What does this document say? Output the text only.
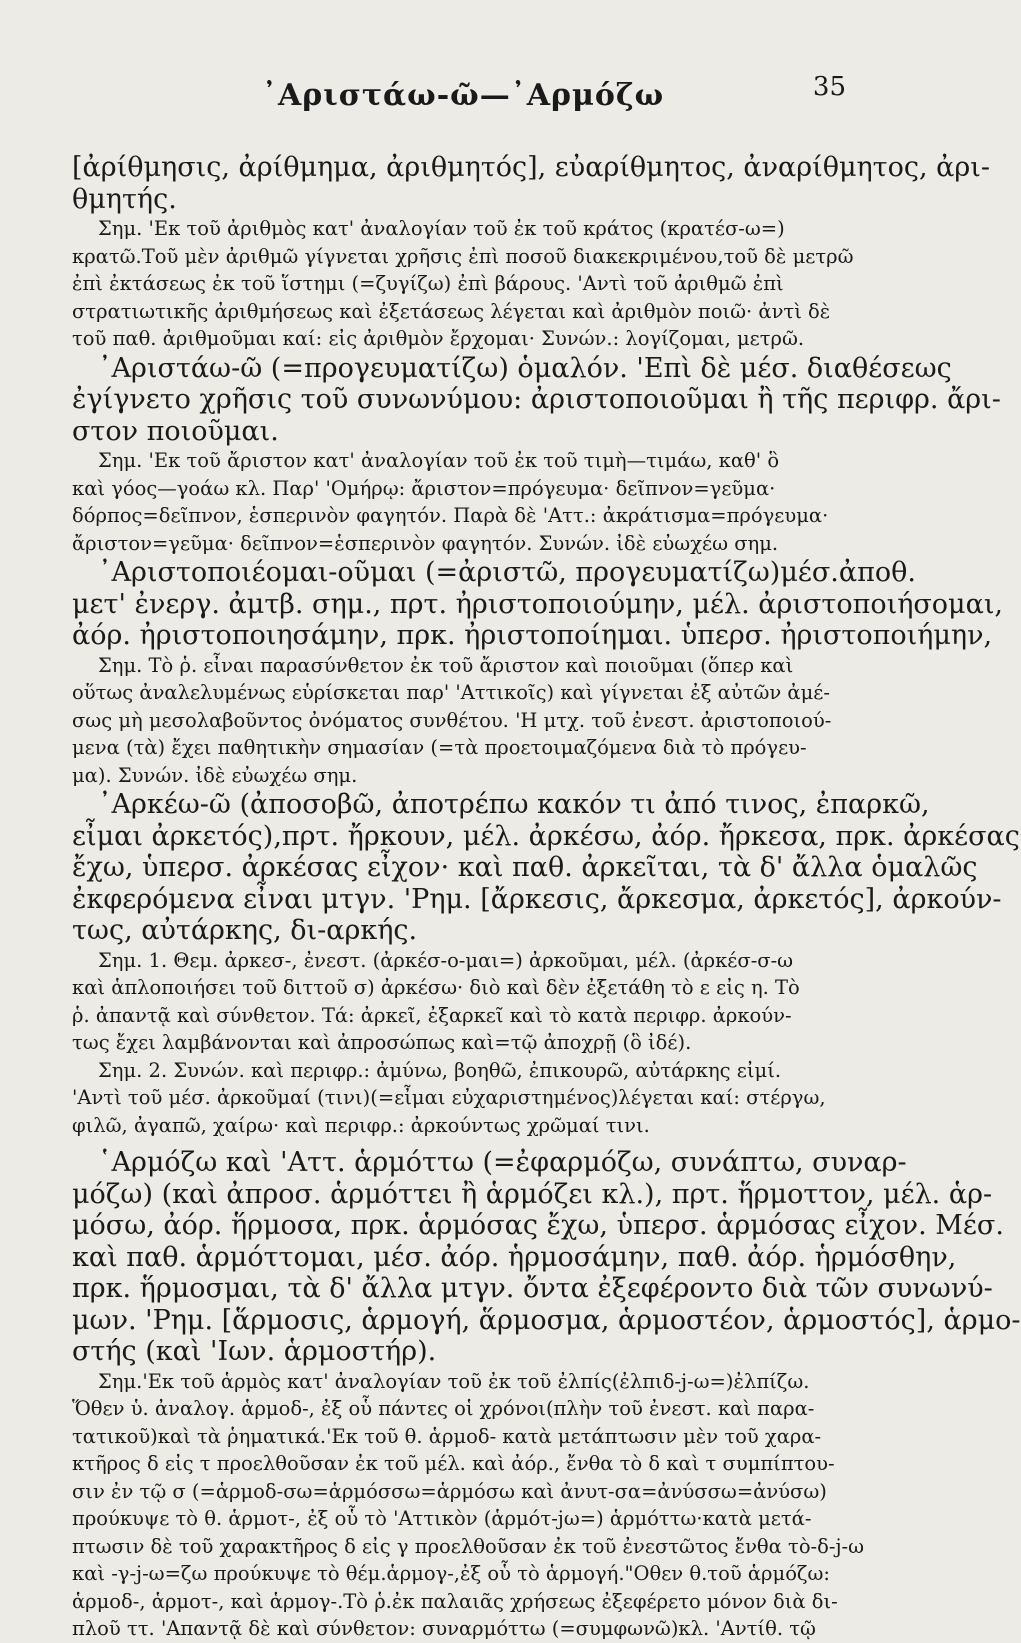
᾿Αριστάω-ῶ—᾿Αρμόζω	35
[ἀρίθμησις, ἀρίθμημα, ἀριθμητός], εὐαρίθμητος, ἀναρίθμητος, ἀρι-
θμητής.
Σημ. 'Εκ τοῦ ἀριθμὸς κατ' ἀναλογίαν τοῦ ἐκ τοῦ κράτος (κρατέσ-ω=)
κρατῶ.Τοῦ μὲν ἀριθμῶ γίγνεται χρῆσις ἐπὶ ποσοῦ διακεκριμένου,τοῦ δὲ μετρῶ
ἐπὶ ἐκτάσεως ἐκ τοῦ ἵστημι (=ζυγίζω) ἐπὶ βάρους. 'Αντὶ τοῦ ἀριθμῶ ἐπὶ
στρατιωτικῆς ἀριθμήσεως καὶ ἐξετάσεως λέγεται καὶ ἀριθμὸν ποιῶ· ἀντὶ δὲ
τοῦ παθ. ἀριθμοῦμαι καί: εἰς ἀριθμὸν ἔρχομαι· Συνών.: λογίζομαι, μετρῶ.
᾿Αριστάω-ῶ (=προγευματίζω) ὁμαλόν. 'Επὶ δὲ μέσ. διαθέσεως
ἐγίγνετο χρῆσις τοῦ συνωνύμου: ἀριστοποιοῦμαι ἢ τῆς περιφρ. ἄρι-
στον ποιοῦμαι.
Σημ. 'Εκ τοῦ ἄριστον κατ' ἀναλογίαν τοῦ ἐκ τοῦ τιμὴ—τιμάω, καθ' ὃ
καὶ γόος—γοάω κλ. Παρ' 'Ομήρῳ: ἄριστον=πρόγευμα· δεῖπνον=γεῦμα·
δόρπος=δεῖπνον, ἑσπερινὸν φαγητόν. Παρὰ δὲ 'Αττ.: ἀκράτισμα=πρόγευμα·
ἄριστον=γεῦμα· δεῖπνον=ἑσπερινὸν φαγητόν. Συνών. ἰδὲ εὐωχέω σημ.
᾿Αριστοποιέομαι-οῦμαι (=ἀριστῶ, προγευματίζω)μέσ.ἀποθ.
μετ' ἐνεργ. ἀμτβ. σημ., πρτ. ἠριστοποιούμην, μέλ. ἀριστοποιήσομαι,
ἀόρ. ἠριστοποιησάμην, πρκ. ἠριστοποίημαι. ὑπερσ. ἠριστοποιήμην,
Σημ. Τὸ ῥ. εἶναι παρασύνθετον ἐκ τοῦ ἄριστον καὶ ποιοῦμαι (ὅπερ καὶ
οὕτως ἀναλελυμένως εὑρίσκεται παρ' 'Αττικοῖς) καὶ γίγνεται ἐξ αὐτῶν ἀμέ-
σως μὴ μεσολαβοῦντος ὀνόματος συνθέτου. 'Η μτχ. τοῦ ἐνεστ. ἀριστοποιού-
μενα (τὰ) ἔχει παθητικὴν σημασίαν (=τὰ προετοιμαζόμενα διὰ τὸ πρόγευ-
μα). Συνών. ἰδὲ εὐωχέω σημ.
᾿Αρκέω-ῶ (ἀποσοβῶ, ἀποτρέπω κακόν τι ἀπό τινος, ἐπαρκῶ,
εἶμαι ἀρκετός),πρτ. ἤρκουν, μέλ. ἀρκέσω, ἀόρ. ἤρκεσα, πρκ. ἀρκέσας
ἔχω, ὑπερσ. ἀρκέσας εἶχον· καὶ παθ. ἀρκεῖται, τὰ δ' ἄλλα ὁμαλῶς
ἐκφερόμενα εἶναι μτγν. 'Ρημ. [ἄρκεσις, ἄρκεσμα, ἀρκετός], ἀρκούν-
τως, αὐτάρκης, δι-αρκής.
Σημ. 1. Θεμ. ἀρκεσ-, ἐνεστ. (ἀρκέσ-ο-μαι=) ἀρκοῦμαι, μέλ. (ἀρκέσ-σ-ω
καὶ ἁπλοποιήσει τοῦ διττοῦ σ) ἀρκέσω· διὸ καὶ δὲν ἐξετάθη τὸ ε εἰς η. Τὸ
ῥ. ἀπαντᾷ καὶ σύνθετον. Τά: ἀρκεῖ, ἐξαρκεῖ καὶ τὸ κατὰ περιφρ. ἀρκούν-
τως ἔχει λαμβάνονται καὶ ἀπροσώπως καὶ=τῷ ἀποχρῇ (ὃ ἰδέ).
Σημ. 2. Συνών. καὶ περιφρ.: ἀμύνω, βοηθῶ, ἐπικουρῶ, αὐτάρκης εἰμί.
'Αντὶ τοῦ μέσ. ἀρκοῦμαί (τινι)(=εἶμαι εὐχαριστημένος)λέγεται καί: στέργω,
φιλῶ, ἀγαπῶ, χαίρω· καὶ περιφρ.: ἀρκούντως χρῶμαί τινι.
῾Αρμόζω καὶ 'Αττ. ἁρμόττω (=ἐφαρμόζω, συνάπτω, συναρ-
μόζω) (καὶ ἀπροσ. ἁρμόττει ἢ ἁρμόζει κλ.), πρτ. ἥρμοττον, μέλ. ἁρ-
μόσω, ἀόρ. ἥρμοσα, πρκ. ἁρμόσας ἔχω, ὑπερσ. ἁρμόσας εἶχον. Μέσ.
καὶ παθ. ἁρμόττομαι, μέσ. ἀόρ. ἡρμοσάμην, παθ. ἀόρ. ἡρμόσθην,
πρκ. ἥρμοσμαι, τὰ δ' ἄλλα μτγν. ὄντα ἐξεφέροντο διὰ τῶν συνωνύ-
μων. 'Ρημ. [ἅρμοσις, ἁρμογή, ἅρμοσμα, ἁρμοστέον, ἁρμοστός], ἁρμο-
στής (καὶ 'Ιων. ἁρμοστήρ).
Σημ.'Εκ τοῦ ἁρμὸς κατ' ἀναλογίαν τοῦ ἐκ τοῦ ἐλπίς(ἐλπιδ-j-ω=)ἐλπίζω.
Ὅθεν ὑ. ἀναλογ. ἁρμοδ-, ἐξ οὗ πάντες οἱ χρόνοι(πλὴν τοῦ ἐνεστ. καὶ παρα-
τατικοῦ)καὶ τὰ ῥηματικά.'Εκ τοῦ θ. ἁρμοδ- κατὰ μετάπτωσιν μὲν τοῦ χαρα-
κτῆρος δ εἰς τ προελθοῦσαν ἐκ τοῦ μέλ. καὶ ἀόρ., ἔνθα τὸ δ καὶ τ συμπίπτου-
σιν ἐν τῷ σ (=ἁρμοδ-σω=ἁρμόσσω=ἁρμόσω καὶ ἀνυτ-σα=ἀνύσσω=ἀνύσω)
προύκυψε τὸ θ. ἁρμοτ-, ἐξ οὗ τὸ 'Αττικὸν (ἁρμότ-jω=) ἁρμόττω·κατὰ μετά-
πτωσιν δὲ τοῦ χαρακτῆρος δ εἰς γ προελθοῦσαν ἐκ τοῦ ἐνεστῶτος ἔνθα τὸ-δ-j-ω
καὶ -γ-j-ω=ζω προύκυψε τὸ θέμ.ἁρμογ-,ἐξ οὗ τὸ ἁρμογή."Οθεν θ.τοῦ ἁρμόζω:
ἁρμοδ-, ἁρμοτ-, καὶ ἁρμογ-.Τὸ ῥ.ἐκ παλαιᾶς χρήσεως ἐξεφέρετο μόνον διὰ δι-
πλοῦ ττ. 'Απαντᾷ δὲ καὶ σύνθετον: συναρμόττω (=συμφωνῶ)κλ. 'Αντίθ. τῷ
